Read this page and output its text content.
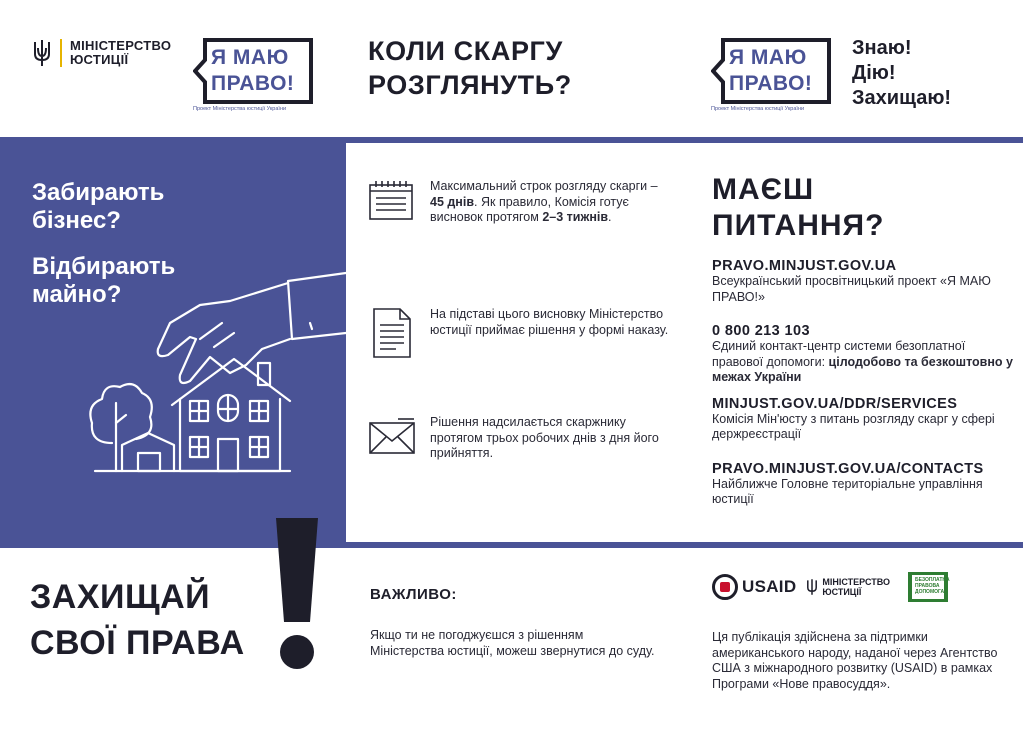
МІНІСТЕРСТВО
ЮСТИЦІЇ	Я МАЮ
ПРАВО!
Проект Міністерства юстиції України
КОЛИ СКАРГУ
РОЗГЛЯНУТЬ?
Я МАЮ
ПРАВО!
Проект Міністерства юстиції України
Знаю!
Дію!
Захищаю!
Забирають
бізнес?
Відбирають
майно?
Максимальний строк розгляду скарги – 45 днів. Як правило, Комісія готує висновок протягом 2–3 тижнів.
На підставі цього висновку Міністерство юстиції приймає рішення у формі наказу.
Рішення надсилається скаржнику протягом трьох робочих днів з дня його прийняття.
МАЄШ
ПИТАННЯ?
PRAVO.MINJUST.GOV.UA
Всеукраїнський просвітницький проект «Я МАЮ ПРАВО!»
0 800 213 103
Єдиний контакт-центр системи безоплатної правової допомоги: цілодобово та безкоштовно у межах України
MINJUST.GOV.UA/DDR/SERVICES
Комісія Мін'юсту з питань розгляду скарг у сфері держреєстрації
PRAVO.MINJUST.GOV.UA/CONTACTS
Найближче Головне територіальне управління юстиції
ЗАХИЩАЙ
СВОЇ ПРАВА
ВАЖЛИВО:
Якщо ти не погоджуєшся з рішенням Міністерства юстиції, можеш звернутися до суду.
USAID	МІНІСТЕРСТВО
ЮСТИЦІЇ
БЕЗОПЛАТНА ПРАВОВА ДОПОМОГА
Ця публікація здійснена за підтримки американського народу, наданої через Агентство США з міжнародного розвитку (USAID) в рамках Програми «Нове правосуддя».
